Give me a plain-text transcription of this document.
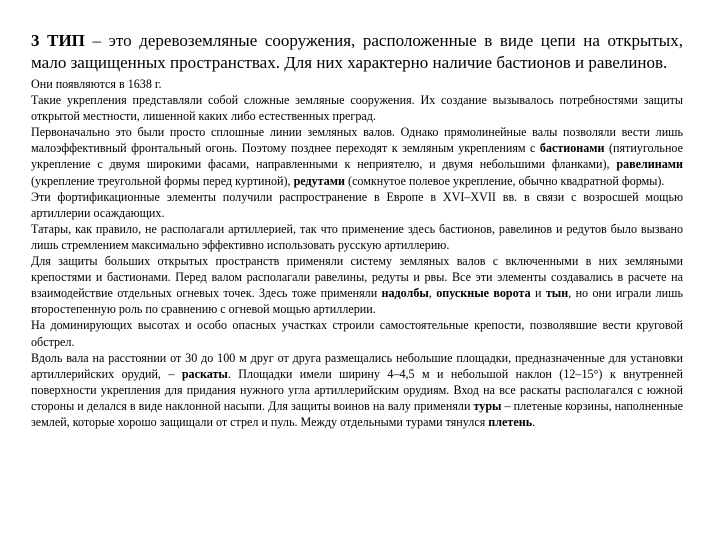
3 ТИП – это деревоземляные сооружения, расположенные в виде цепи на открытых, мало защищенных пространствах. Для них характерно наличие бастионов и равелинов.

Они появляются в 1638 г.

Такие укрепления представляли собой сложные земляные сооружения. Их создание вызывалось потребностями защиты открытой местности, лишенной каких либо естественных преград.

Первоначально это были просто сплошные линии земляных валов. Однако прямолинейные валы позволяли вести лишь малоэффективный фронтальный огонь. Поэтому позднее переходят к земляным укреплениям с бастионами (пятиугольное укрепление с двумя широкими фасами, направленными к неприятелю, и двумя небольшими фланками), равелинами (укрепление треугольной формы перед куртиной), редутами (сомкнутое полевое укрепление, обычно квадратной формы).

Эти фортификационные элементы получили распространение в Европе в XVI–XVII вв. в связи с возросшей мощью артиллерии осаждающих.

Татары, как правило, не располагали артиллерией, так что применение здесь бастионов, равелинов и редутов было вызвано лишь стремлением максимально эффективно использовать русскую артиллерию.

Для защиты больших открытых пространств применяли систему земляных валов с включенными в них земляными крепостями и бастионами. Перед валом располагали равелины, редуты и рвы. Все эти элементы создавались в расчете на взаимодействие отдельных огневых точек. Здесь тоже применяли надолбы, опускные ворота и тын, но они играли лишь второстепенную роль по сравнению с огневой мощью артиллерии.

На доминирующих высотах и особо опасных участках строили самостоятельные крепости, позволявшие вести круговой обстрел.

Вдоль вала на расстоянии от 30 до 100 м друг от друга размещались небольшие площадки, предназначенные для установки артиллерийских орудий, – раскаты. Площадки имели ширину 4–4,5 м и небольшой наклон (12–15°) к внутренней поверхности укрепления для придания нужного угла артиллерийским орудиям. Вход на все раскаты располагался с южной стороны и делался в виде наклонной насыпи. Для защиты воинов на валу применяли туры – плетеные корзины, наполненные землей, которые хорошо защищали от стрел и пуль. Между отдельными турами тянулся плетень.
